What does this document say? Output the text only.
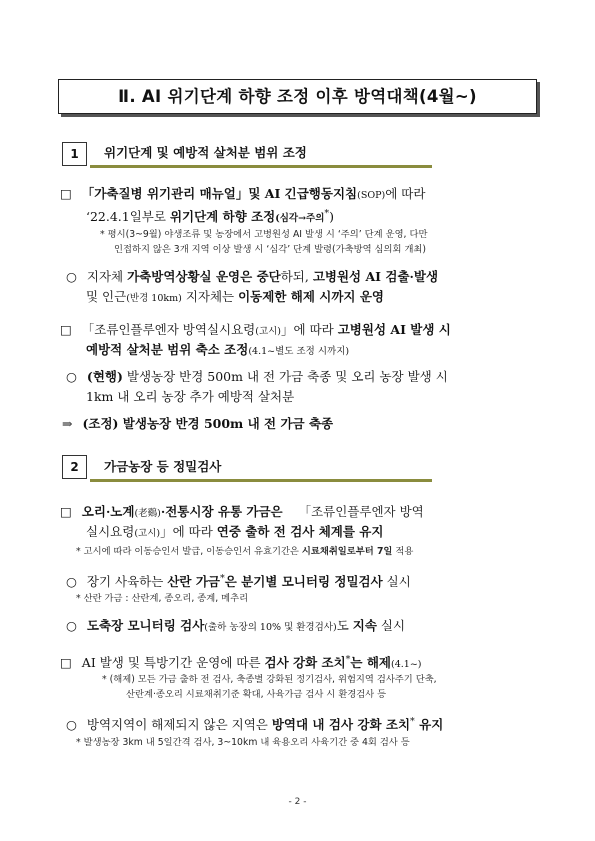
Ⅱ. AI 위기단계 하향 조정 이후 방역대책(4월~)
1	위기단계 및 예방적 살처분 범위 조정
□ 「가축질병 위기관리 매뉴얼」및 AI 긴급행동지침(SOP)에 따라
‘22.4.1일부로 위기단계 하향 조정(심각→주의*)
* 평시(3~9월) 야생조류 및 농장에서 고병원성 AI 발생 시 ‘주의’ 단계 운영, 다만
인접하지 않은 3개 지역 이상 발생 시 ‘심각’ 단계 발령(가축방역 심의회 개최)
○ 지자체 가축방역상황실 운영은 중단하되, 고병원성 AI 검출·발생
및 인근(반경 10km) 지자체는 이동제한 해제 시까지 운영
□ 「조류인플루엔자 방역실시요령(고시)」에 따라 고병원성 AI 발생 시
예방적 살처분 범위 축소 조정(4.1~별도 조정 시까지)
○ (현행) 발생농장 반경 500m 내 전 가금 축종 및 오리 농장 발생 시
1km 내 오리 농장 추가 예방적 살처분
⇒ (조정) 발생농장 반경 500m 내 전 가금 축종
2	가금농장 등 정밀검사
□ 오리·노계(老鷄)·전통시장 유통 가금은 「조류인플루엔자 방역
실시요령(고시)」에 따라 연중 출하 전 검사 체계를 유지
* 고시에 따라 이동승인서 발급, 이동승인서 유효기간은 시료채취일로부터 7일 적용
○ 장기 사육하는 산란 가금*은 분기별 모니터링 정밀검사 실시
* 산란 가금 : 산란계, 종오리, 종계, 메추리
○ 도축장 모니터링 검사(출하 농장의 10% 및 환경검사)도 지속 실시
□ AI 발생 및 특방기간 운영에 따른 검사 강화 조치*는 해제(4.1~)
* (해제) 모든 가금 출하 전 검사, 축종별 강화된 정기검사, 위험지역 검사주기 단축,
산란계·종오리 시료채취기준 확대, 사육가금 검사 시 환경검사 등
○ 방역지역이 해제되지 않은 지역은 방역대 내 검사 강화 조치* 유지
* 발생농장 3km 내 5일간격 검사, 3~10km 내 육용오리 사육기간 중 4회 검사 등
- 2 -
